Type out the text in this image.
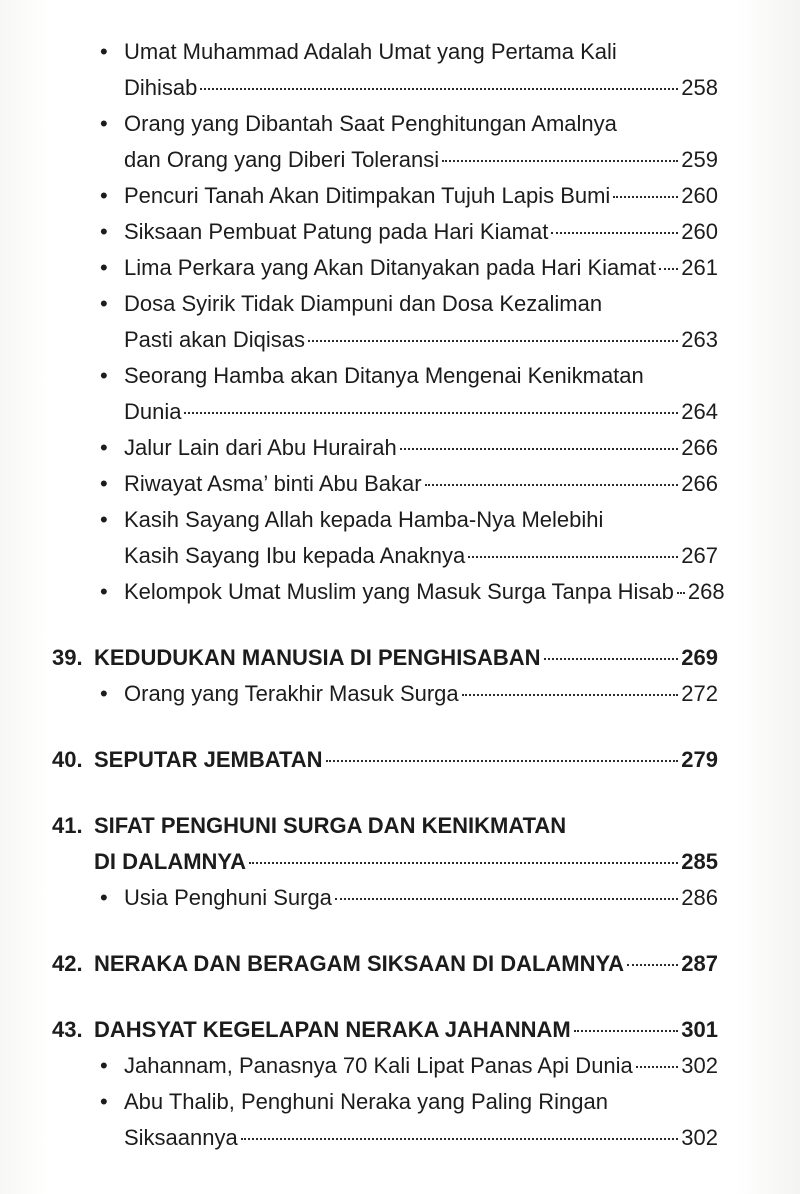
• Umat Muhammad Adalah Umat yang Pertama Kali
Dihisab	258
• Orang yang Dibantah Saat Penghitungan Amalnya
dan Orang yang Diberi Toleransi	259
• Pencuri Tanah Akan Ditimpakan Tujuh Lapis Bumi	260
• Siksaan Pembuat Patung pada Hari Kiamat	260
• Lima Perkara yang Akan Ditanyakan pada Hari Kiamat 261
• Dosa Syirik Tidak Diampuni dan Dosa Kezaliman
Pasti akan Diqisas	263
• Seorang Hamba akan Ditanya Mengenai Kenikmatan
Dunia	264
• Jalur Lain dari Abu Hurairah	266
• Riwayat Asma’ binti Abu Bakar	266
• Kasih Sayang Allah kepada Hamba-Nya Melebihi
Kasih Sayang Ibu kepada Anaknya	267
• Kelompok Umat Muslim yang Masuk Surga Tanpa Hisab 268
39. KEDUDUKAN MANUSIA DI PENGHISABAN	269
• Orang yang Terakhir Masuk Surga	272
40. SEPUTAR JEMBATAN	279
41. SIFAT PENGHUNI SURGA DAN KENIKMATAN
DI DALAMNYA	285
• Usia Penghuni Surga	286
42. NERAKA DAN BERAGAM SIKSAAN DI DALAMNYA	287
43. DAHSYAT KEGELAPAN NERAKA JAHANNAM	301
• Jahannam, Panasnya 70 Kali Lipat Panas Api Dunia 302
• Abu Thalib, Penghuni Neraka yang Paling Ringan
Siksaannya	302
